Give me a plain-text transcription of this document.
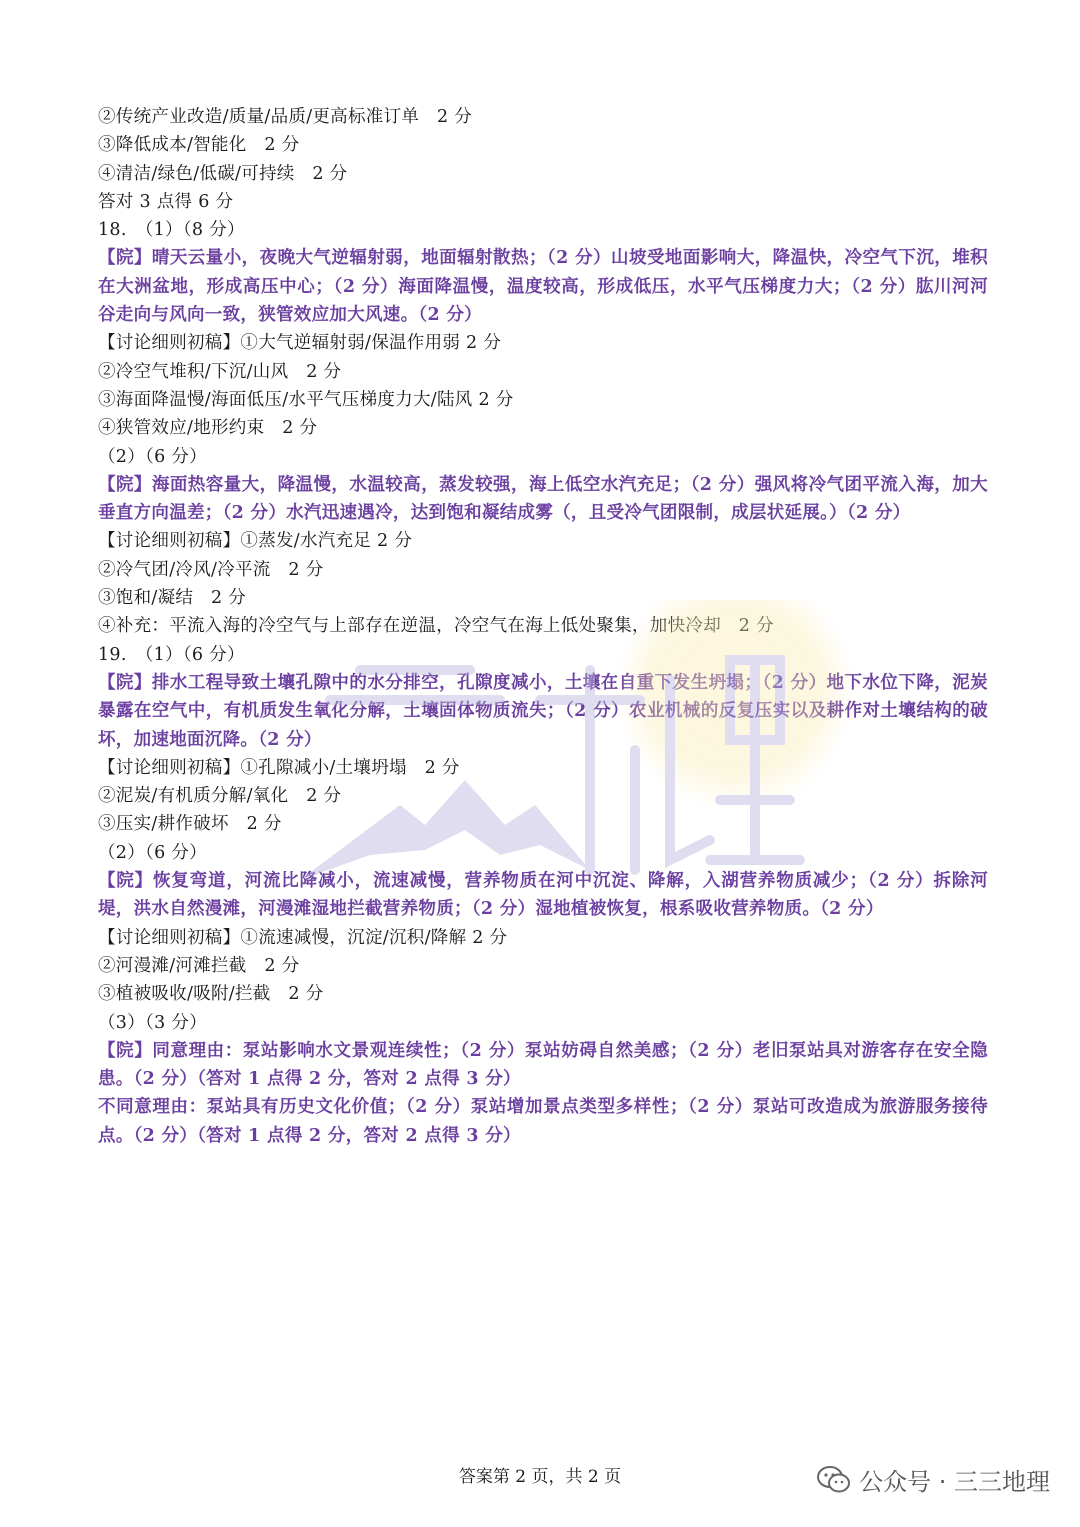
②传统产业改造/质量/品质/更高标准订单　2 分
③降低成本/智能化　2 分
④清洁/绿色/低碳/可持续　2 分
答对 3 点得 6 分
18.　（1）（8 分）
【院】晴天云量小，夜晚大气逆辐射弱，地面辐射散热；（2 分）山坡受地面影响大，降温快，冷空气下沉，堆积在大洲盆地，形成高压中心；（2 分）海面降温慢，温度较高，形成低压，水平气压梯度力大；（2 分）肱川河河谷走向与风向一致，狭管效应加大风速。（2 分）
【讨论细则初稿】①大气逆辐射弱/保温作用弱 2 分
②冷空气堆积/下沉/山风　2 分
③海面降温慢/海面低压/水平气压梯度力大/陆风 2 分
④狭管效应/地形约束　2 分
（2）（6 分）
【院】海面热容量大，降温慢，水温较高，蒸发较强，海上低空水汽充足；（2 分）强风将冷气团平流入海，加大垂直方向温差；（2 分）水汽迅速遇冷，达到饱和凝结成雾（，且受冷气团限制，成层状延展。）（2 分）
【讨论细则初稿】①蒸发/水汽充足 2 分
②冷气团/冷风/冷平流　2 分
③饱和/凝结　2 分
④补充：平流入海的冷空气与上部存在逆温，冷空气在海上低处聚集，加快冷却　2 分
19.　（1）（6 分）
【院】排水工程导致土壤孔隙中的水分排空，孔隙度减小，土壤在自重下发生坍塌；（2 分）地下水位下降，泥炭暴露在空气中，有机质发生氧化分解，土壤固体物质流失；（2 分）农业机械的反复压实以及耕作对土壤结构的破坏，加速地面沉降。（2 分）
【讨论细则初稿】①孔隙减小/土壤坍塌　2 分
②泥炭/有机质分解/氧化　2 分
③压实/耕作破坏　2 分
（2）（6 分）
【院】恢复弯道，河流比降减小，流速减慢，营养物质在河中沉淀、降解，入湖营养物质减少；（2 分）拆除河堤，洪水自然漫滩，河漫滩湿地拦截营养物质；（2 分）湿地植被恢复，根系吸收营养物质。（2 分）
【讨论细则初稿】①流速减慢，沉淀/沉积/降解 2 分
②河漫滩/河滩拦截　2 分
③植被吸收/吸附/拦截　2 分
（3）（3 分）
【院】同意理由：泵站影响水文景观连续性；（2 分）泵站妨碍自然美感；（2 分）老旧泵站具对游客存在安全隐患。（2 分）（答对 1 点得 2 分，答对 2 点得 3 分）
不同意理由：泵站具有历史文化价值；（2 分）泵站增加景点类型多样性；（2 分）泵站可改造成为旅游服务接待点。（2 分）（答对 1 点得 2 分，答对 2 点得 3 分）
三三地理
答案第 2 页，共 2 页	公众号 · 三三地理
